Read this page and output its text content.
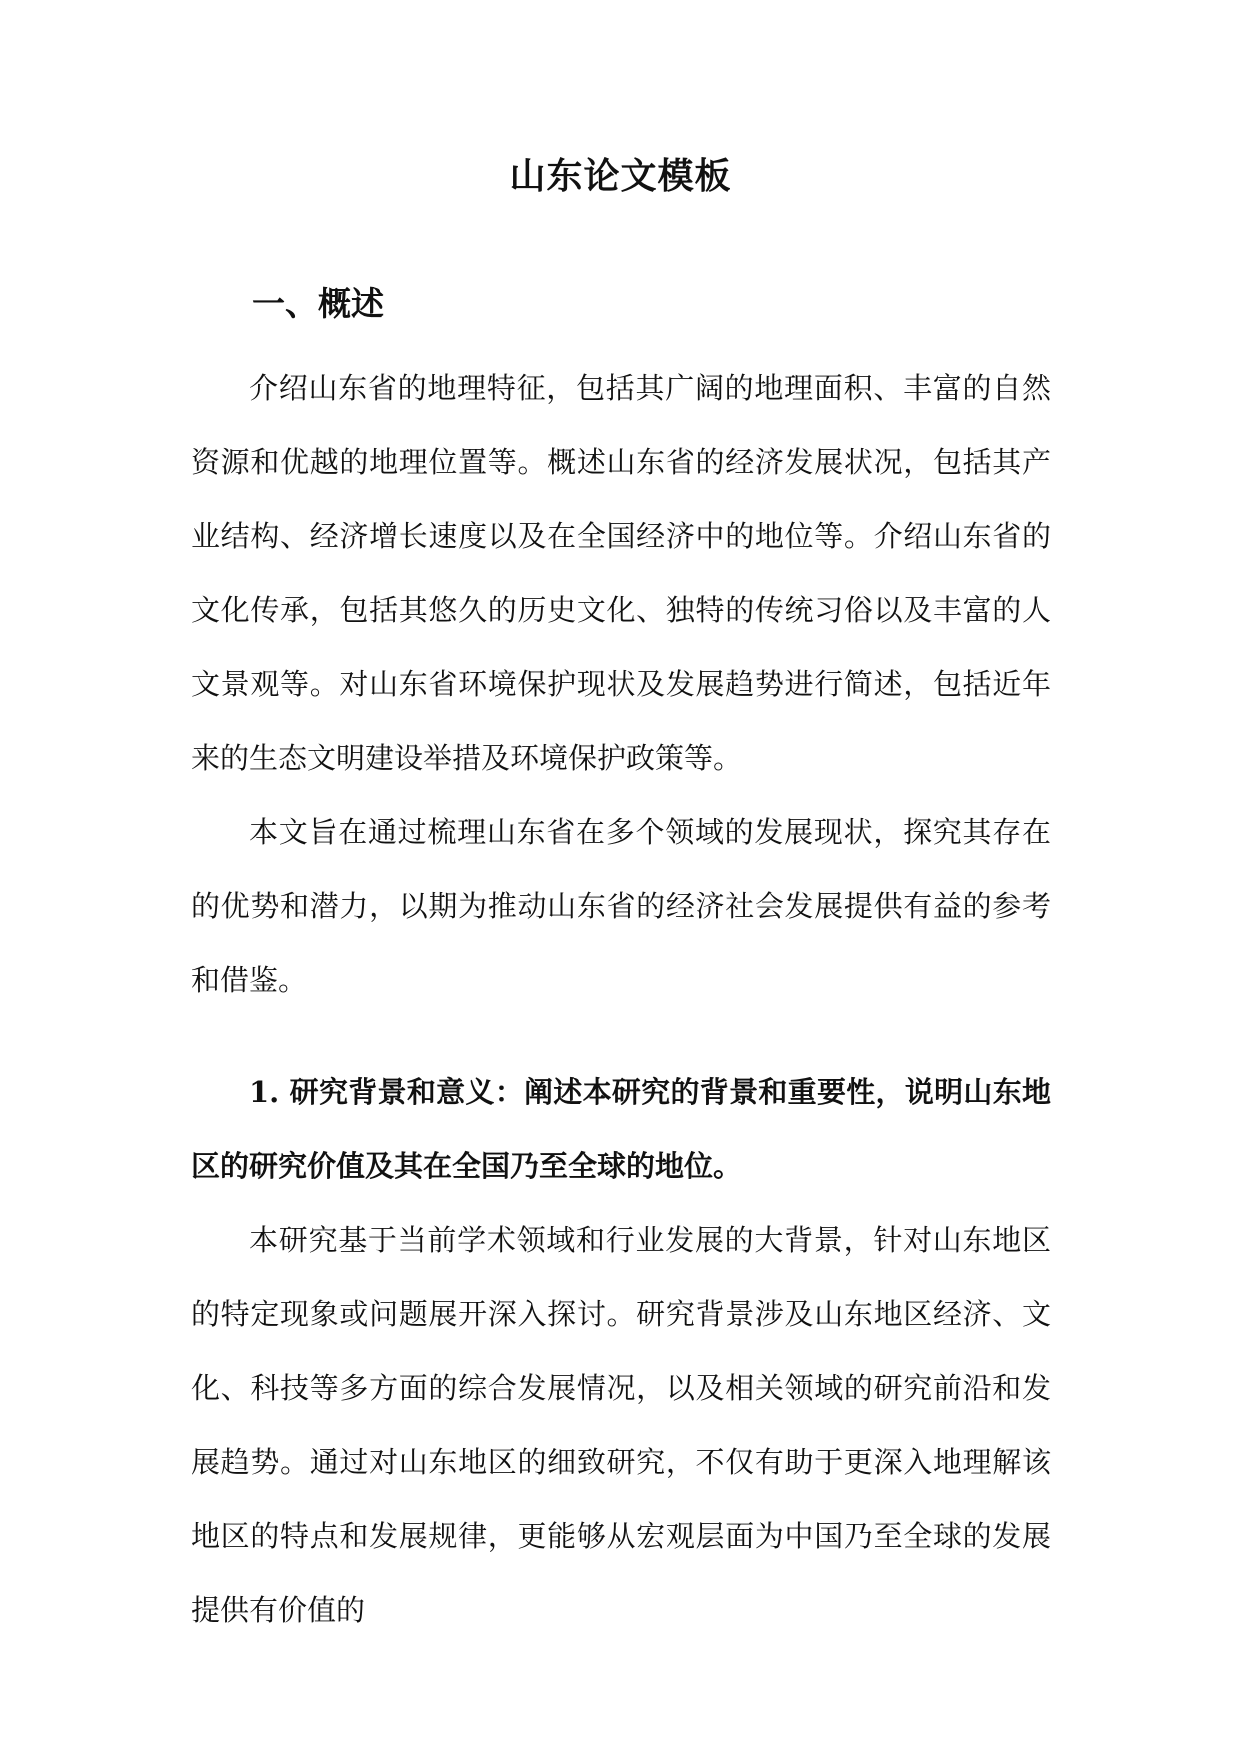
山东论文模板
一、概述

介绍山东省的地理特征，包括其广阔的地理面积、丰富的自然资源和优越的地理位置等。概述山东省的经济发展状况，包括其产业结构、经济增长速度以及在全国经济中的地位等。介绍山东省的文化传承，包括其悠久的历史文化、独特的传统习俗以及丰富的人文景观等。对山东省环境保护现状及发展趋势进行简述，包括近年来的生态文明建设举措及环境保护政策等。

本文旨在通过梳理山东省在多个领域的发展现状，探究其存在的优势和潜力，以期为推动山东省的经济社会发展提供有益的参考和借鉴。

1. 研究背景和意义：阐述本研究的背景和重要性，说明山东地区的研究价值及其在全国乃至全球的地位。

本研究基于当前学术领域和行业发展的大背景，针对山东地区的特定现象或问题展开深入探讨。研究背景涉及山东地区经济、文化、科技等多方面的综合发展情况，以及相关领域的研究前沿和发展趋势。通过对山东地区的细致研究，不仅有助于更深入地理解该地区的特点和发展规律，更能够从宏观层面为中国乃至全球的发展提供有价值的
